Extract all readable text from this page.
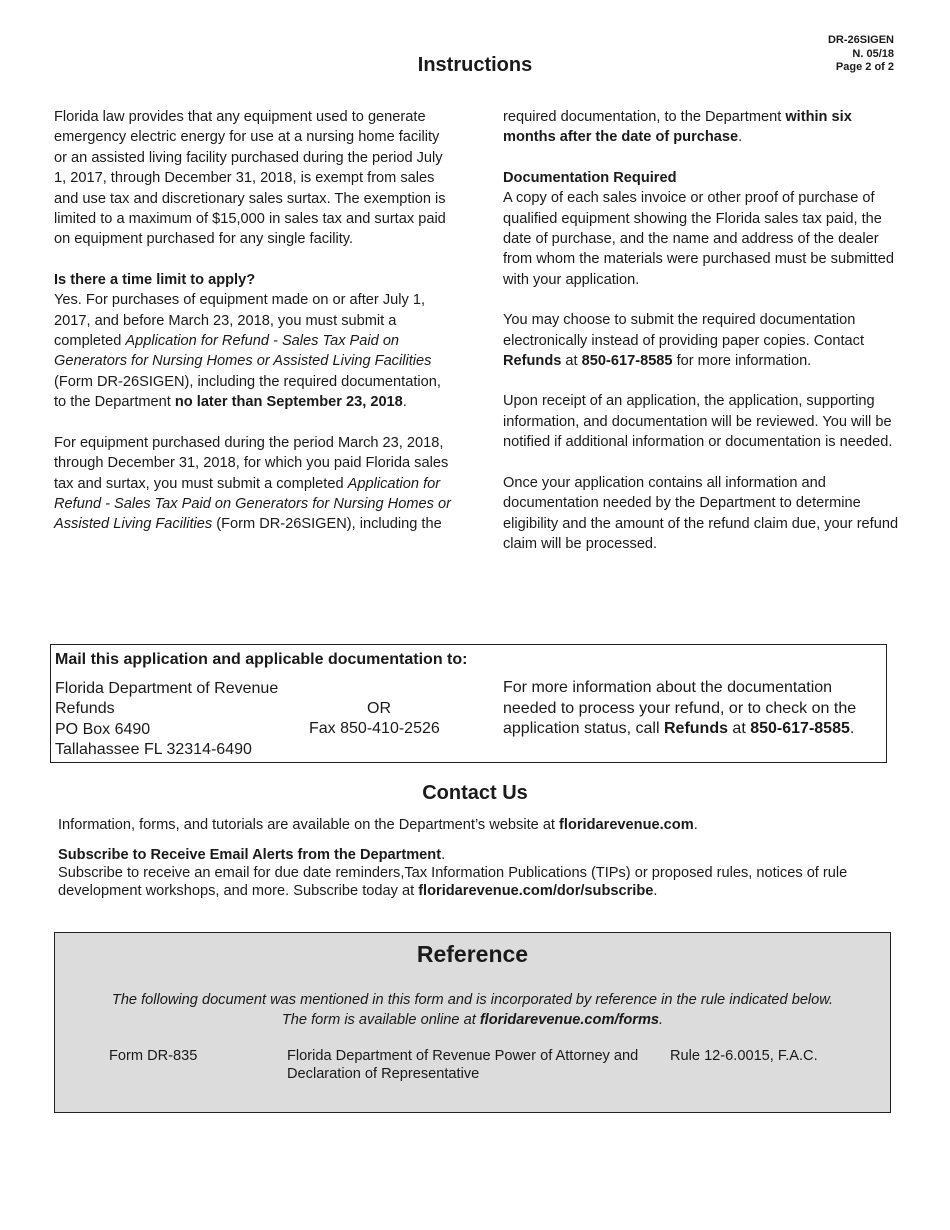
DR-26SIGEN
N. 05/18
Page 2 of 2
Instructions

Florida law provides that any equipment used to generate emergency electric energy for use at a nursing home facility or an assisted living facility purchased during the period July 1, 2017, through December 31, 2018, is exempt from sales and use tax and discretionary sales surtax. The exemption is limited to a maximum of $15,000 in sales tax and surtax paid on equipment purchased for any single facility.

Is there a time limit to apply?
Yes. For purchases of equipment made on or after July 1, 2017, and before March 23, 2018, you must submit a completed Application for Refund - Sales Tax Paid on Generators for Nursing Homes or Assisted Living Facilities (Form DR-26SIGEN), including the required documentation, to the Department no later than September 23, 2018.

For equipment purchased during the period March 23, 2018, through December 31, 2018, for which you paid Florida sales tax and surtax, you must submit a completed Application for Refund - Sales Tax Paid on Generators for Nursing Homes or Assisted Living Facilities (Form DR-26SIGEN), including the

required documentation, to the Department within six months after the date of purchase.

Documentation Required
A copy of each sales invoice or other proof of purchase of qualified equipment showing the Florida sales tax paid, the date of purchase, and the name and address of the dealer from whom the materials were purchased must be submitted with your application.

You may choose to submit the required documentation electronically instead of providing paper copies. Contact Refunds at 850-617-8585 for more information.

Upon receipt of an application, the application, supporting information, and documentation will be reviewed. You will be notified if additional information or documentation is needed.

Once your application contains all information and documentation needed by the Department to determine eligibility and the amount of the refund claim due, your refund claim will be processed.

Mail this application and applicable documentation to:
Florida Department of Revenue
Refunds
PO Box 6490
Tallahassee FL 32314-6490
OR
Fax 850-410-2526
For more information about the documentation needed to process your refund, or to check on the application status, call Refunds at 850-617-8585.
Contact Us

Information, forms, and tutorials are available on the Department’s website at floridarevenue.com.

Subscribe to Receive Email Alerts from the Department.
Subscribe to receive an email for due date reminders,Tax Information Publications (TIPs) or proposed rules, notices of rule development workshops, and more. Subscribe today at floridarevenue.com/dor/subscribe.

Reference
The following document was mentioned in this form and is incorporated by reference in the rule indicated below.
The form is available online at floridarevenue.com/forms.
Form DR-835	Florida Department of Revenue Power of Attorney and Declaration of Representative
Rule 12-6.0015, F.A.C.
